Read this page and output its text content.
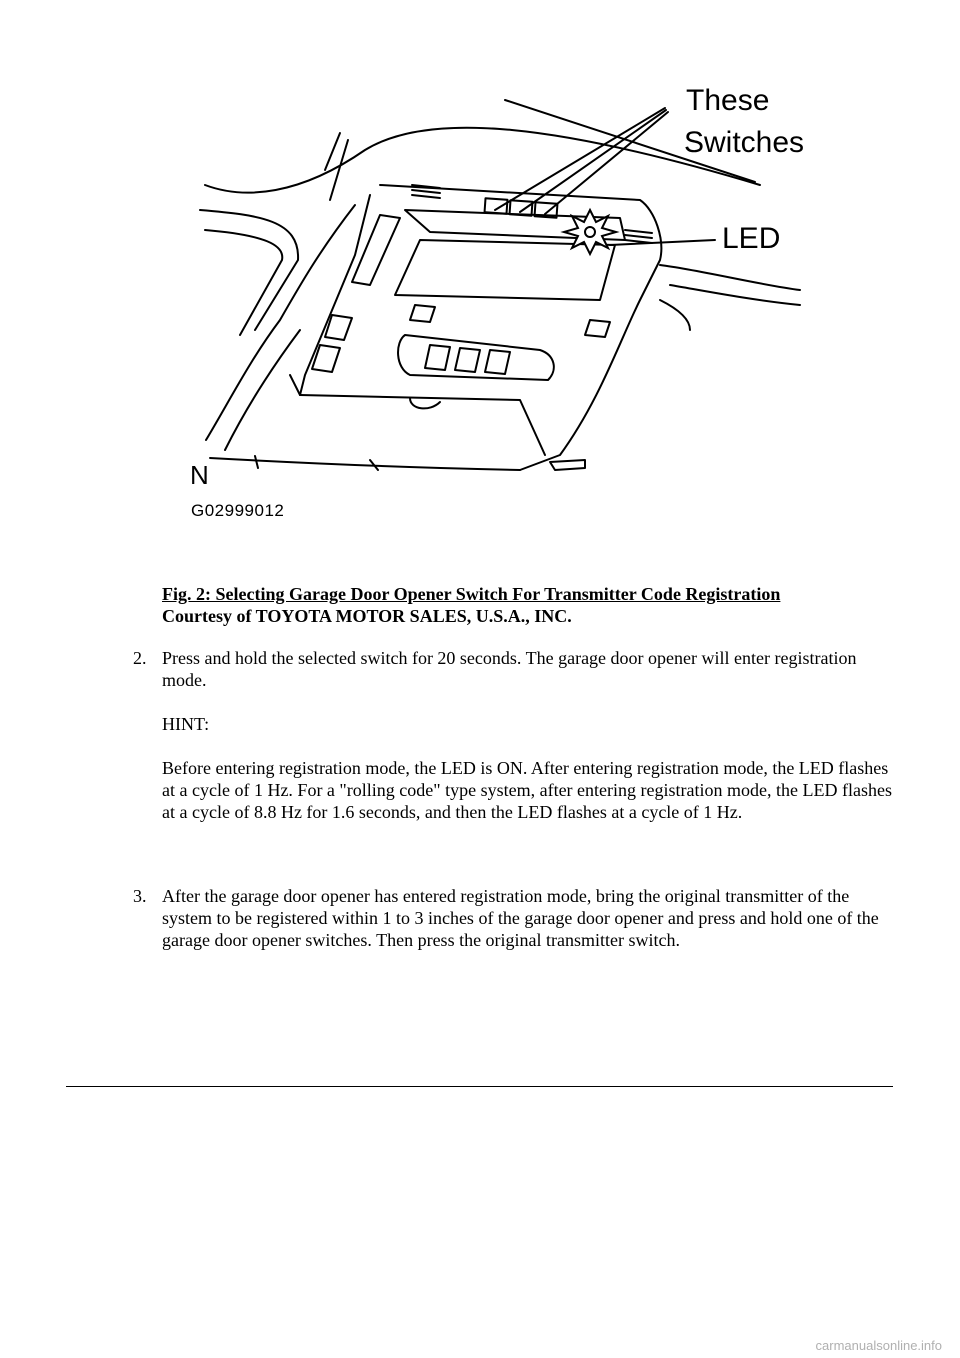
These
Switches
LED
N
G02999012
Fig. 2: Selecting Garage Door Opener Switch For Transmitter Code Registration
Courtesy of TOYOTA MOTOR SALES, U.S.A., INC.
2. Press and hold the selected switch for 20 seconds. The garage door opener will enter registration mode.

HINT:

Before entering registration mode, the LED is ON. After entering registration mode, the LED flashes at a cycle of 1 Hz. For a "rolling code" type system, after entering registration mode, the LED flashes at a cycle of 8.8 Hz for 1.6 seconds, and then the LED flashes at a cycle of 1 Hz.

3. After the garage door opener has entered registration mode, bring the original transmitter of the system to be registered within 1 to 3 inches of the garage door opener and press and hold one of the garage door opener switches. Then press the original transmitter switch.

carmanualsonline.info
